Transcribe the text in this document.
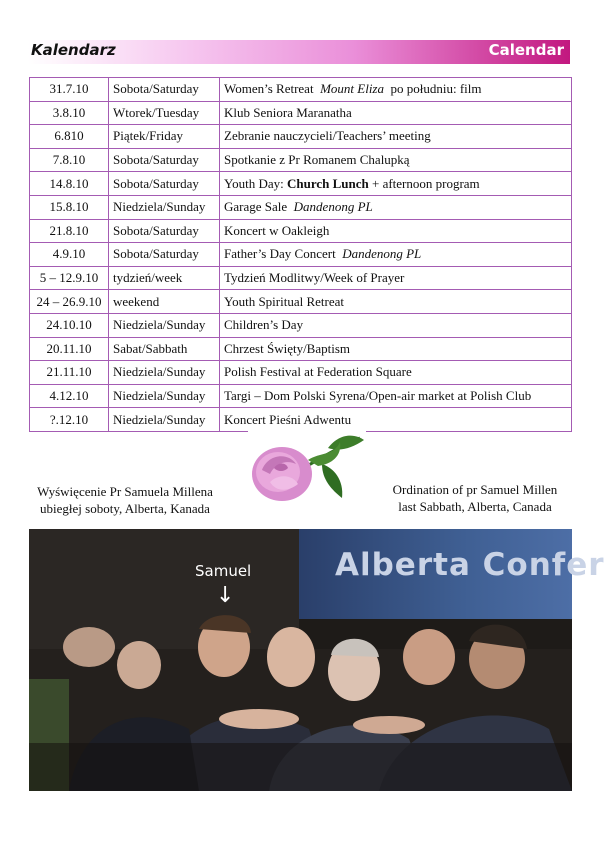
Kalendarz	Calendar
31.7.10	Sobota/Saturday	Women’s Retreat  Mount Eliza  po południu: film
3.8.10	Wtorek/Tuesday	Klub Seniora Maranatha
6.810	Piątek/Friday	Zebranie nauczycieli/Teachers’ meeting
7.8.10	Sobota/Saturday	Spotkanie z Pr Romanem Chalupką
14.8.10	Sobota/Saturday	Youth Day: Church Lunch + afternoon program
15.8.10	Niedziela/Sunday	Garage Sale  Dandenong PL
21.8.10	Sobota/Saturday	Koncert w Oakleigh
4.9.10	Sobota/Saturday	Father’s Day Concert  Dandenong PL
5 – 12.9.10	tydzień/week	Tydzień Modlitwy/Week of Prayer
24 – 26.9.10	weekend	Youth Spiritual Retreat
24.10.10	Niedziela/Sunday	Children’s Day
20.11.10	Sabat/Sabbath	Chrzest Święty/Baptism
21.11.10	Niedziela/Sunday	Polish Festival at Federation Square
4.12.10	Niedziela/Sunday	Targi – Dom Polski Syrena/Open-air market at Polish Club
?.12.10	Niedziela/Sunday	Koncert Pieśni Adwentu
Wyświęcenie Pr Samuela Millena
ubiegłej soboty, Alberta, Kanada
Ordination of pr Samuel Millen
last Sabbath, Alberta, Canada
Alberta Confer
Samuel
↓
